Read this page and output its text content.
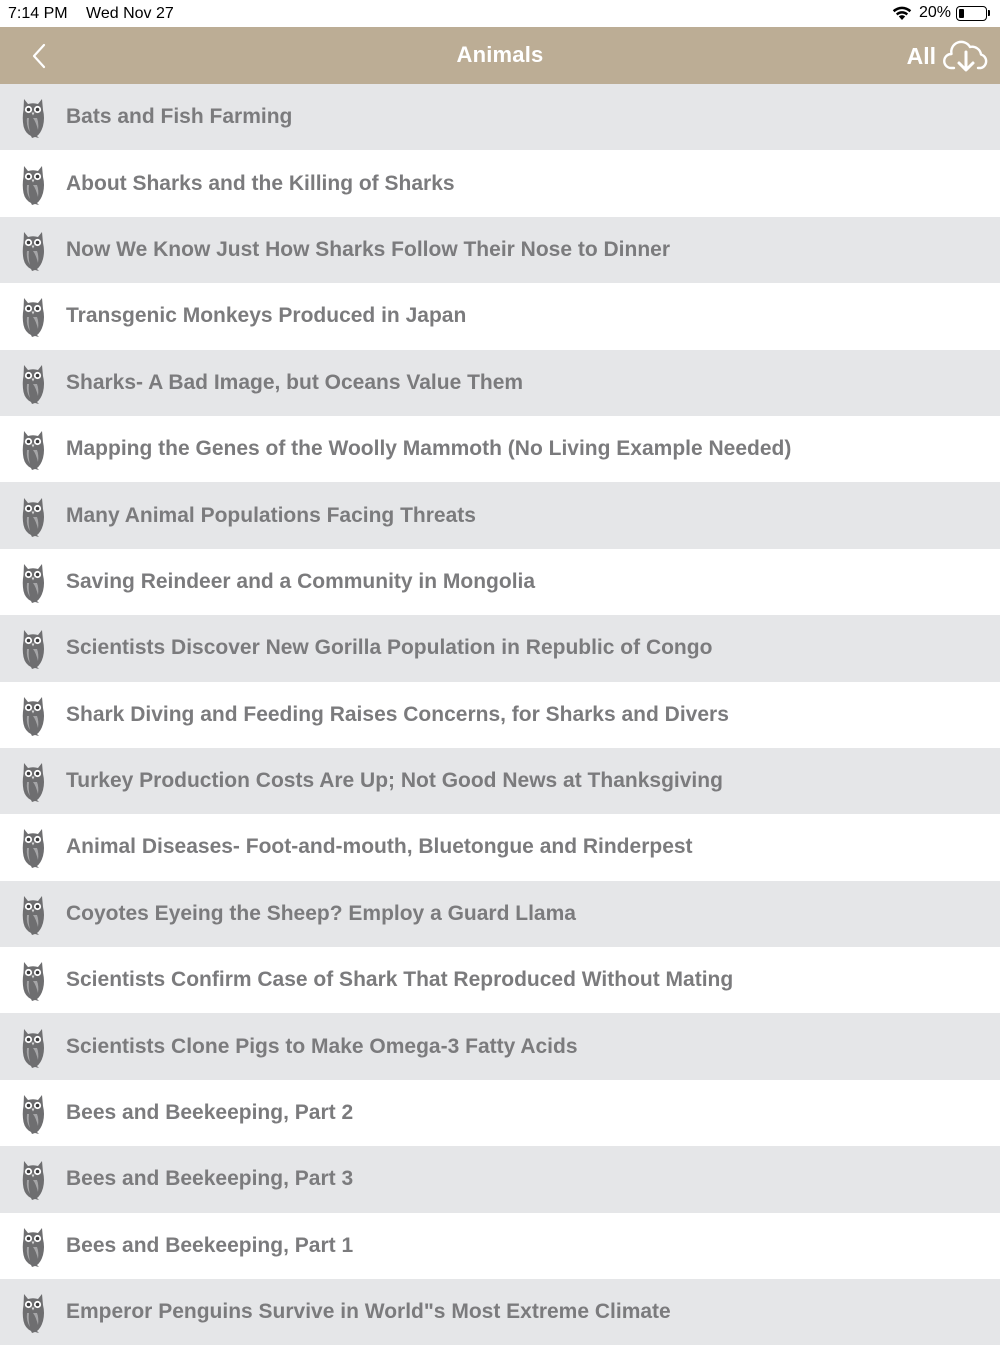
7:14 PM Wed Nov 27	20%
Animals	All
Bats and Fish Farming
About Sharks and the Killing of Sharks
Now We Know Just How Sharks Follow Their Nose to Dinner
Transgenic Monkeys Produced in Japan
Sharks- A Bad Image, but Oceans Value Them
Mapping the Genes of the Woolly Mammoth (No Living Example Needed)
Many Animal Populations Facing Threats
Saving Reindeer and a Community in Mongolia
Scientists Discover New Gorilla Population in Republic of Congo
Shark Diving and Feeding Raises Concerns, for Sharks and Divers
Turkey Production Costs Are Up; Not Good News at Thanksgiving
Animal Diseases- Foot-and-mouth, Bluetongue and Rinderpest
Coyotes Eyeing the Sheep? Employ a Guard Llama
Scientists Confirm Case of Shark That Reproduced Without Mating
Scientists Clone Pigs to Make Omega-3 Fatty Acids
Bees and Beekeeping, Part 2
Bees and Beekeeping, Part 3
Bees and Beekeeping, Part 1
Emperor Penguins Survive in World"s Most Extreme Climate
